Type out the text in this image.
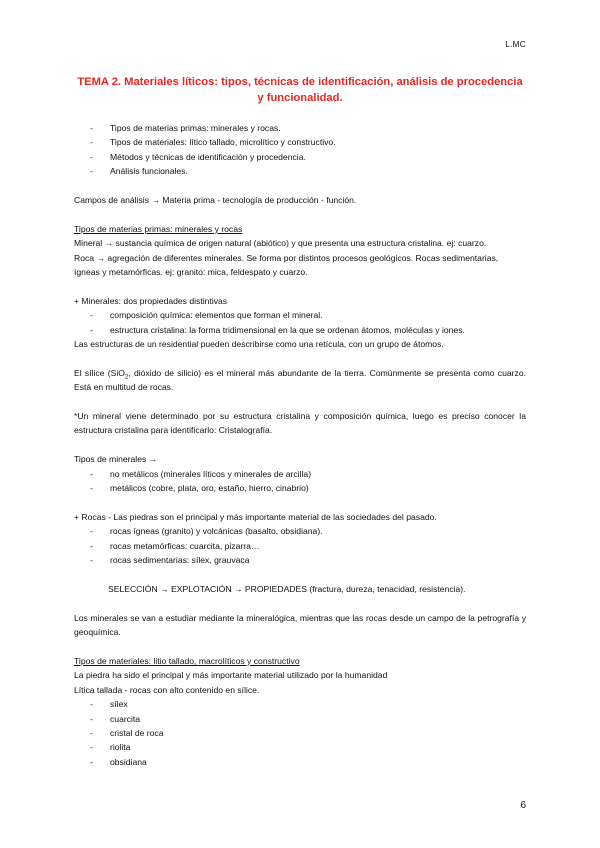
L.MC
TEMA 2. Materiales líticos: tipos, técnicas de identificación, análisis de procedencia y funcionalidad.
- Tipos de materias primas: minerales y rocas.
- Tipos de materiales: lítico tallado, microlítico y constructivo.
- Métodos y técnicas de identificación y procedencia.
- Análisis funcionales.
Campos de análisis → Materia prima - tecnología de producción - función.
Tipos de materias primas: minerales y rocas
Mineral → sustancia química de origen natural (abiótico) y que presenta una estructura cristalina. ej: cuarzo.
Roca → agregación de diferentes minerales. Se forma por distintos procesos geológicos. Rocas sedimentarias,
ígneas y metamórficas. ej: granito: mica, feldespato y cuarzo.
+ Minerales: dos propiedades distintivas
- composición química: elementos que forman el mineral.
- estructura cristalina: la forma tridimensional en la que se ordenan átomos, moléculas y iones.
Las estructuras de un residential pueden describirse como una retícula, con un grupo de átomos.
El sílice (SiO$_2$, dióxido de silicio) es el mineral más abundante de la tierra. Comúnmente se presenta como cuarzo. Está en multitud de rocas.
*Un mineral viene determinado por su estructura cristalina y composición química, luego es preciso conocer la estructura cristalina para identificarlo: Cristalografía.
Tipos de minerales →
- no metálicos (minerales líticos y minerales de arcilla)
- metálicos (cobre, plata, oro, estaño, hierro, cinabrio)
+ Rocas - Las piedras son el principal y más importante material de las sociedades del pasado.
- rocas ígneas (granito) y volcánicas (basalto, obsidiana).
- rocas metamórficas: cuarcita, pizarra…
- rocas sedimentarias: sílex, grauvaca
SELECCIÓN → EXPLOTACIÓN → PROPIEDADES (fractura, dureza, tenacidad, resistencia).
Los minerales se van a estudiar mediante la mineralógica, mientras que las rocas desde un campo de la petrografía y geoquímica.
Tipos de materiales: litio tallado, macrolíticos y constructivo
La piedra ha sido el principal y más importante material utilizado por la humanidad
Lítica tallada - rocas con alto contenido en sílice.
- sílex
- cuarcita
- cristal de roca
- riolita
- obsidiana
6
